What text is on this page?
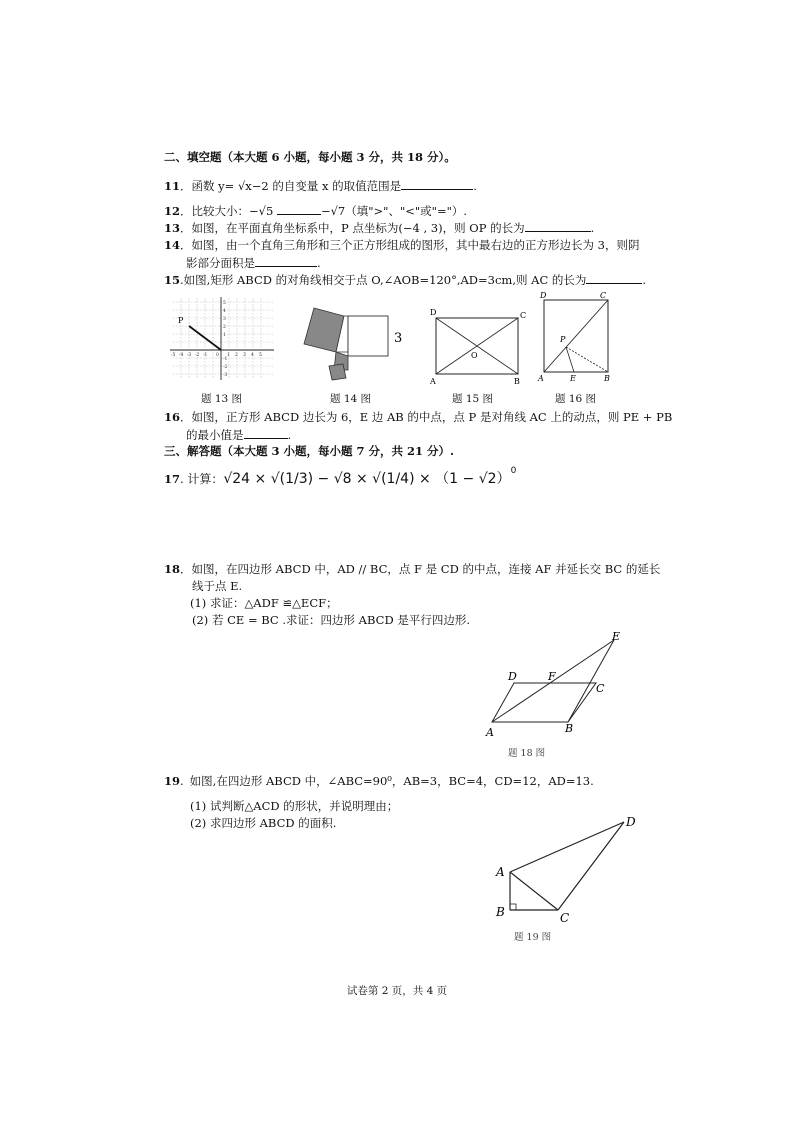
二、填空题（本大题 6 小题，每小题 3 分，共 18 分）。
11．函数 y= √x−2 的自变量 x 的取值范围是	.
12．比较大小：−√5	−√7（填">"、"<"或"="）.
13．如图，在平面直角坐标系中，P 点坐标为(−4 , 3)，则 OP 的长为	.
14．如图，由一个直角三角形和三个正方形组成的图形，其中最右边的正方形边长为 3，则阴
影部分面积是	.
15.如图,矩形 ABCD 的对角线相交于点 O,∠AOB=120°,AD=3cm,则 AC 的长为	.
P
-5 -4 -3 -2 -1 0 1 2 3 4 5
5
4
3
2
1
-1
-2
-3
题 13 图
3
题 14 图
D	C
A	B
O
题 15 图
D	C
P
A	E	B
题 16 图
16．如图，正方形 ABCD 边长为 6，E 边 AB 的中点，点 P 是对角线 AC 上的动点，则 PE + PB
的最小值是	.
三、解答题（本大题 3 小题，每小题 7 分，共 21 分）.
17. 计算：$√24 \times √(1/3) - √8 \times √(1/4) \times (1 - √2)^0$
18．如图，在四边形 ABCD 中，AD // BC，点 F 是 CD 的中点，连接 AF 并延长交 BC 的延长
线于点 E.
(1) 求证：△ADF ≌△ECF；
(2) 若 CE = BC .求证：四边形 ABCD 是平行四边形.
D	F
C
E
A	B
题 18 图
19. 如图,在四边形 ABCD 中，∠ABC=90⁰，AB=3，BC=4，CD=12，AD=13.
(1) 试判断△ACD 的形状，并说明理由；
(2) 求四边形 ABCD 的面积.
A
B	C
D
题 19 图
试卷第 2 页，共 4 页
